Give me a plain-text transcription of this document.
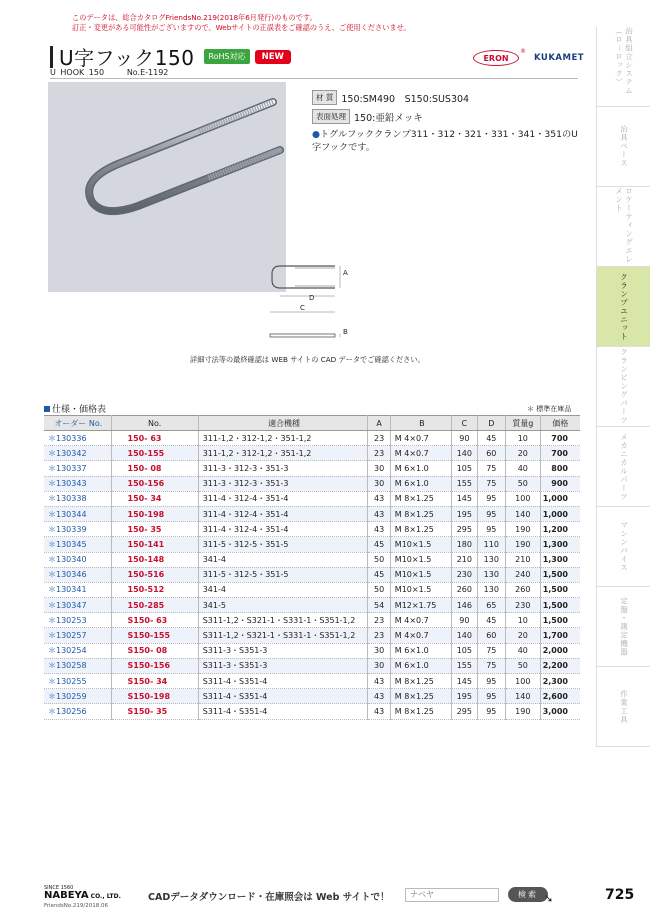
このデータは、総合カタログFriendsNo.219(2018年6月発行)のものです。
訂正・変更がある可能性がございますので、Webサイトの正誤表をご確認のうえ、ご使用くださいませ。
U字フック150	RoHS対応	NEW
U HOOK 150	No.E-1192
ERON
®
KUKAMET
材 質 150:SM490　S150:SUS304
表面処理 150:亜鉛メッキ

●トグルフッククランプ311・312・321・331・341・351のU字フックです。

A
D
C
B
詳細寸法等の最終確認は WEB サイトの CAD データでご確認ください。
仕様・価格表	＊ 標準在庫品
オーダー No.	No.	適合機種	A	B	C	D	質量g	価格
＊130336	150- 63	311-1,2・312-1,2・351-1,2	23	M 4×0.7	90	45	10	700
＊130342	150-155	311-1,2・312-1,2・351-1,2	23	M 4×0.7	140	60	20	700
＊130337	150- 08	311-3・312-3・351-3	30	M 6×1.0	105	75	40	800
＊130343	150-156	311-3・312-3・351-3	30	M 6×1.0	155	75	50	900
＊130338	150- 34	311-4・312-4・351-4	43	M 8×1.25	145	95	100	1,000
＊130344	150-198	311-4・312-4・351-4	43	M 8×1.25	195	95	140	1,000
＊130339	150- 35	311-4・312-4・351-4	43	M 8×1.25	295	95	190	1,200
＊130345	150-141	311-5・312-5・351-5	45	M10×1.5	180	110	190	1,300
＊130340	150-148	341-4	50	M10×1.5	210	130	210	1,300
＊130346	150-516	311-5・312-5・351-5	45	M10×1.5	230	130	240	1,500
＊130341	150-512	341-4	50	M10×1.5	260	130	260	1,500
＊130347	150-285	341-5	54	M12×1.75	146	65	230	1,500
＊130253	S150- 63	S311-1,2・S321-1・S331-1・S351-1,2	23	M 4×0.7	90	45	10	1,500
＊130257	S150-155	S311-1,2・S321-1・S331-1・S351-1,2	23	M 4×0.7	140	60	20	1,700
＊130254	S150- 08	S311-3・S351-3	30	M 6×1.0	105	75	40	2,000
＊130258	S150-156	S311-3・S351-3	30	M 6×1.0	155	75	50	2,200
＊130255	S150- 34	S311-4・S351-4	43	M 8×1.25	145	95	100	2,300
＊130259	S150-198	S311-4・S351-4	43	M 8×1.25	195	95	140	2,600
＊130256	S150- 35	S311-4・S351-4	43	M 8×1.25	295	95	190	3,000
治具組立システム（ロ－ロック）
治具ベース
ロケーティングエレメント
クランプユニット
クランピングパーツ
メカニカルパーツ
マシンバイス
定盤・測定機器
作業工具
SINCE 1560
NABEYA CO., LTD.
FriendsNo.219/2018.06
CADデータダウンロード・在庫照会は Web サイトで！	ナベヤ	検索 ➘	725
